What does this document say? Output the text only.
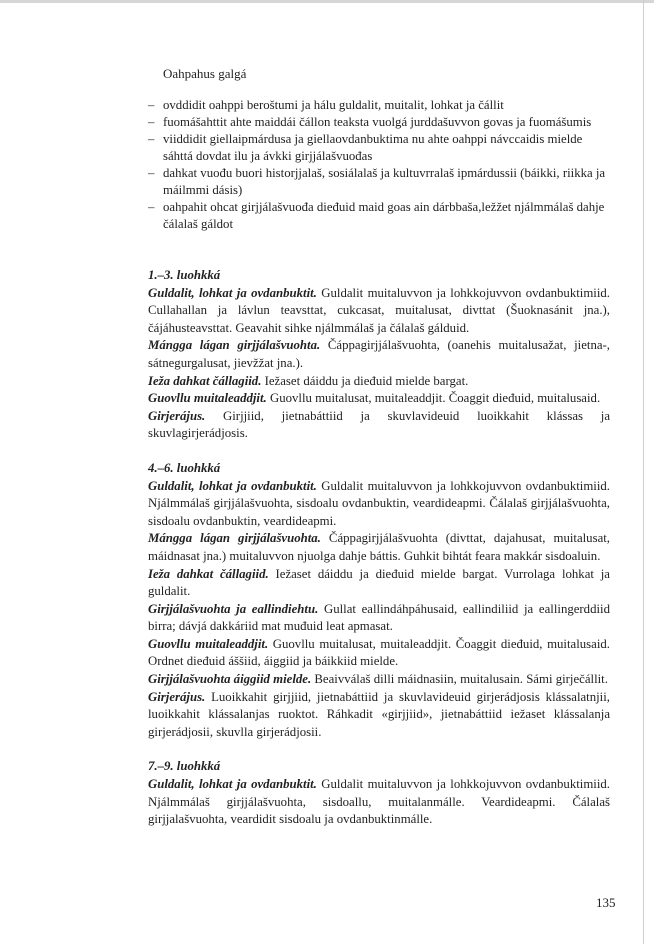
Oahpahus galgá
– ovddidit oahppi beroštumi ja hálu guldalit, muitalit, lohkat ja čállit
– fuomášahttit ahte maiddái čállon teaksta vuolgá jurddašuvvon govas ja fuomášumis
– viiddidit giellaipmárdusa ja giellaovdanbuktima nu ahte oahppi návccaidis mielde sáhttá dovdat ilu ja ávkki girjjálašvuođas
– dahkat vuođu buori historjjalaš, sosiálalaš ja kultuvrralaš ipmárdussii (báikki, riikka ja máilmmi dásis)
– oahpahit ohcat girjjálašvuođa dieđuid maid goas ain dárbbaša,ležžet njálmmálaš dahje čálalaš gáldot
1.–3. luohkká

Guldalit, lohkat ja ovdanbuktit. Guldalit muitaluvvon ja lohkkojuvvon ovdanbuktimiid. Cullahallan ja lávlun teavsttat, cukcasat, muitalusat, divttat (Šuoknasánit jna.), čájáhusteavsttat. Geavahit sihke njálmmálaš ja čálalaš gálduid.

Mángga lágan girjjálašvuohta. Čáppagirjjálašvuohta, (oanehis muitalusažat, jietna-, sátnegurgalusat, jievžžat jna.).

Ieža dahkat čállagiid. Iežaset dáiddu ja dieđuid mielde bargat.

Guovllu muitaleaddjit. Guovllu muitalusat, muitaleaddjit. Čoaggit dieđuid, muitalusaid.

Girjerájus. Girjjiid, jietnabáttiid ja skuvlavideuid luoikkahit klássas ja skuvlagirjerádjosis.

4.–6. luohkká

Guldalit, lohkat ja ovdanbuktit. Guldalit muitaluvvon ja lohkkojuvvon ovdanbuktimiid. Njálmmálaš girjjálašvuohta, sisdoalu ovdanbuktin, veardideapmi. Čálalaš girjjálašvuohta, sisdoalu ovdanbuktin, veardideapmi.

Mángga lágan girjjálašvuohta. Čáppagirjjálašvuohta (divttat, dajahusat, muitalusat, máidnasat jna.) muitaluvvon njuolga dahje báttis. Guhkit bihtát feara makkár sisdoaluin.

Ieža dahkat čállagiid. Iežaset dáiddu ja dieđuid mielde bargat. Vurrolaga lohkat ja guldalit.

Girjjálašvuohta ja eallindiehtu. Gullat eallindáhpáhusaid, eallindiliid ja eallingerddiid birra; dávjá dakkáriid mat muđuid leat apmasat.

Guovllu muitaleaddjit. Guovllu muitalusat, muitaleaddjit. Čoaggit dieđuid, muitalusaid. Ordnet dieđuid áššiid, áiggiid ja báikkiid mielde.

Girjjálašvuohta áiggiid mielde. Beaivválaš dilli máidnasiin, muitalusain. Sámi girječállit.

Girjerájus. Luoikkahit girjjiid, jietnabáttiid ja skuvlavideuid girjerádjosis klássalatnjii, luoikkahit klássalanjas ruoktot. Ráhkadit «girjjiid», jietnabáttiid iežaset klássalanja girjerádjosii, skuvlla girjerádjosii.

7.–9. luohkká

Guldalit, lohkat ja ovdanbuktit. Guldalit muitaluvvon ja lohkkojuvvon ovdanbuktimiid. Njálmmálaš girjjálašvuohta, sisdoallu, muitalanmálle. Veardideapmi. Čálalaš girjjalašvuohta, veardidit sisdoalu ja ovdanbuktinmálle.

135
